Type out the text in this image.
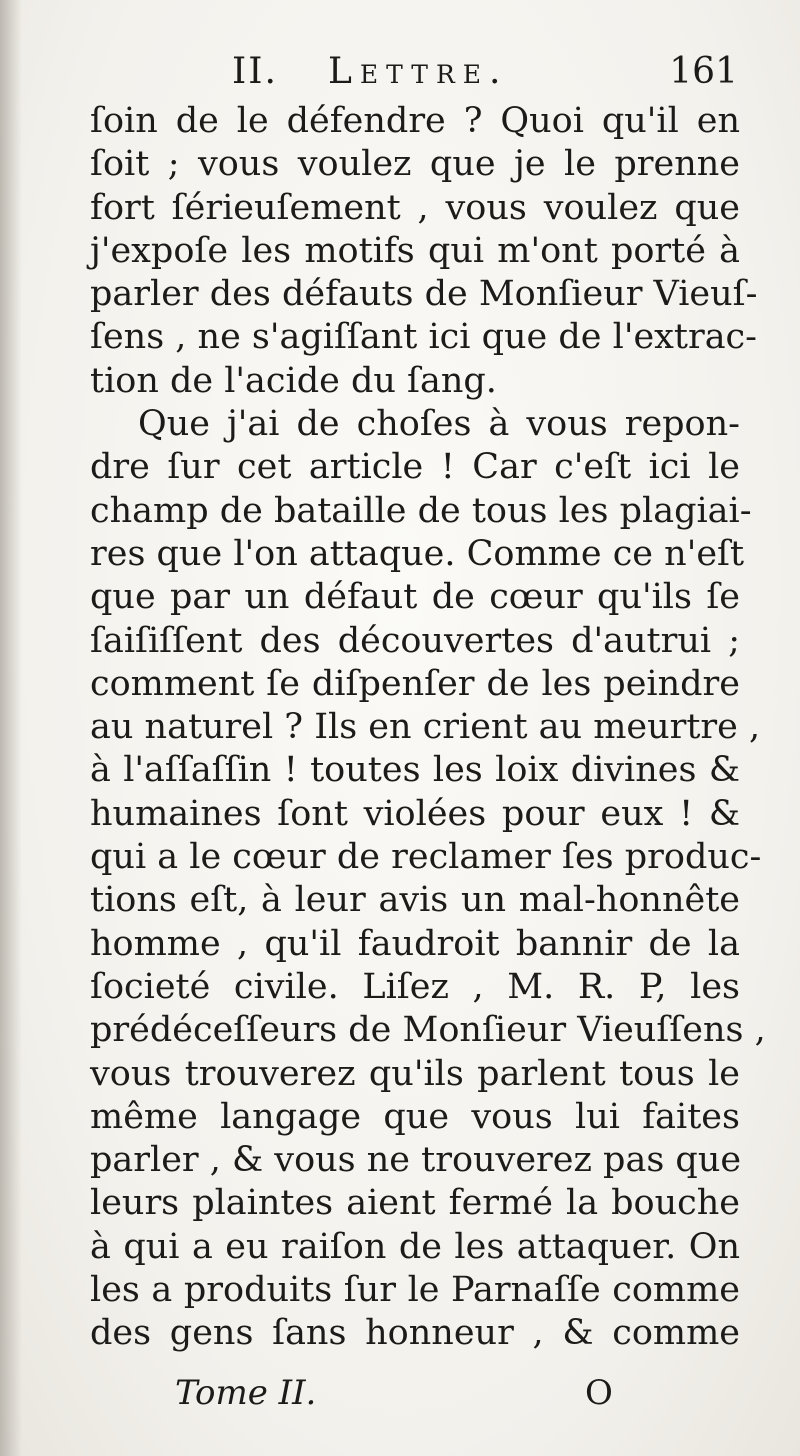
II. Lettre.	161
ſoin de le défendre ? Quoi qu'il en
ſoit ; vous voulez que je le prenne
fort ſérieuſement , vous voulez que
j'expoſe les motifs qui m'ont porté à
parler des défauts de Monſieur Vieuſ-
ſens , ne s'agiſſant ici que de l'extrac-
tion de l'acide du ſang.
Que j'ai de choſes à vous repon-
dre ſur cet article ! Car c'eſt ici le
champ de bataille de tous les plagiai-
res que l'on attaque. Comme ce n'eſt
que par un défaut de cœur qu'ils ſe
ſaiſiſſent des découvertes d'autrui ;
comment ſe diſpenſer de les peindre
au naturel ? Ils en crient au meurtre ,
à l'aſſaſſin ! toutes les loix divines &
humaines ſont violées pour eux ! &
qui a le cœur de reclamer ſes produc-
tions eſt, à leur avis un mal-honnête
homme , qu'il faudroit bannir de la
ſocieté civile. Liſez , M. R. P, les
prédéceſſeurs de Monſieur Vieuſſens ,
vous trouverez qu'ils parlent tous le
même langage que vous lui faites
parler , & vous ne trouverez pas que
leurs plaintes aient fermé la bouche
à qui a eu raiſon de les attaquer. On
les a produits ſur le Parnaſſe comme
des gens ſans honneur , & comme
Tome II.	O
